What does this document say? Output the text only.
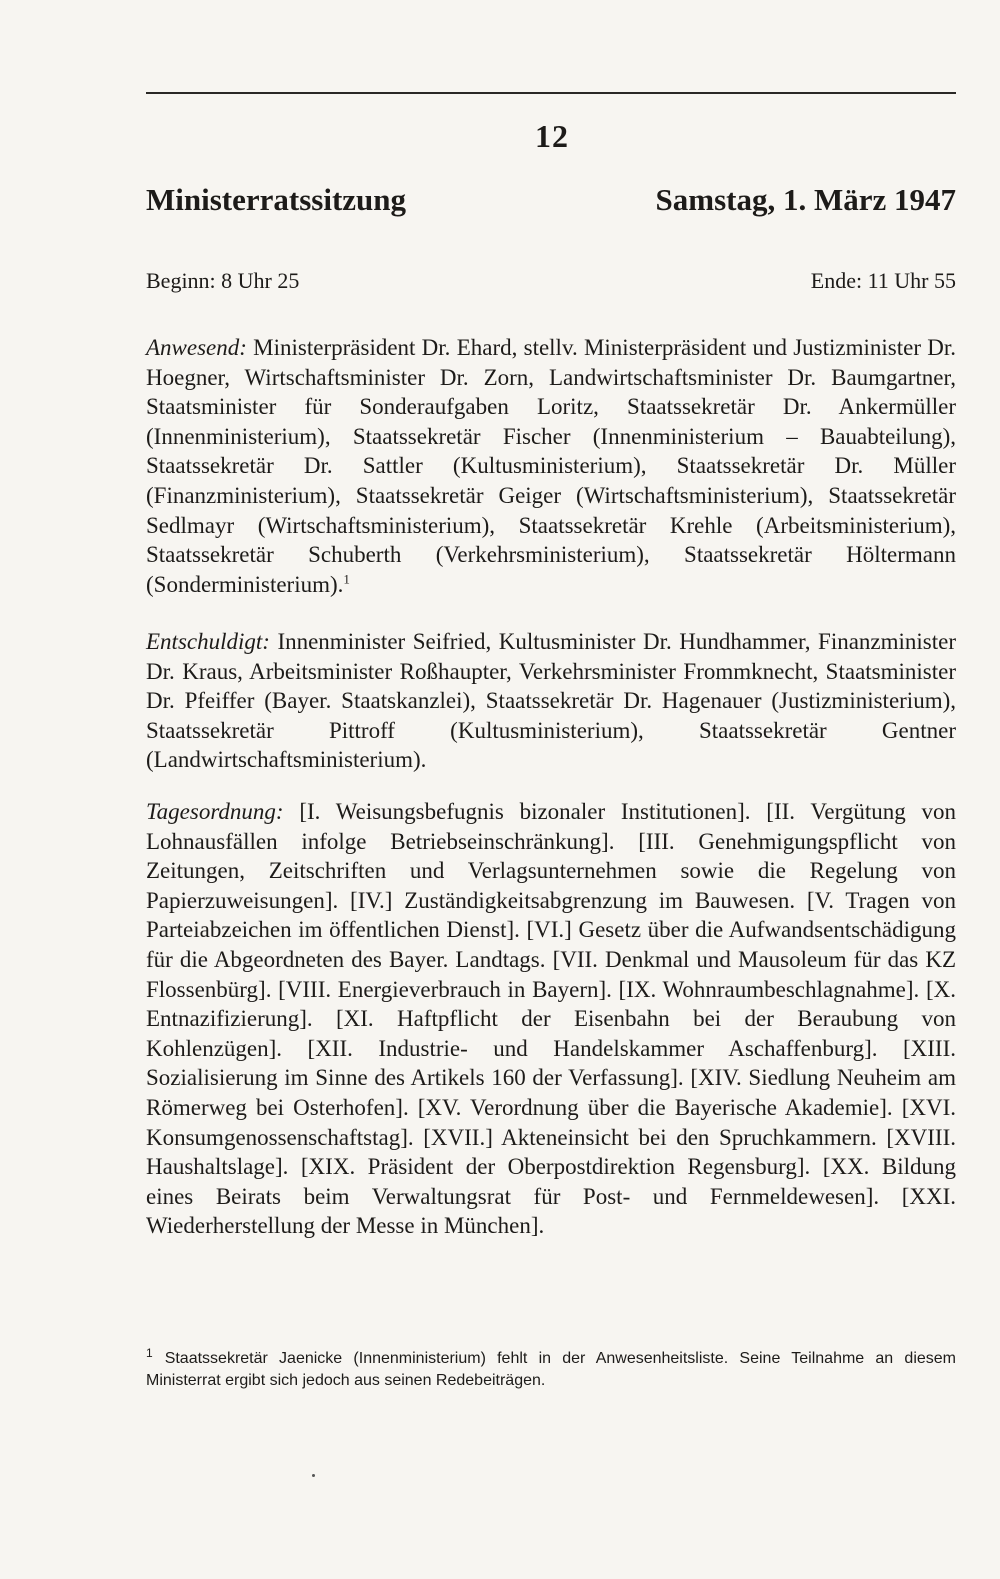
12
Ministerratssitzung	Samstag, 1. März 1947
Beginn: 8 Uhr 25	Ende: 11 Uhr 55

Anwesend: Ministerpräsident Dr. Ehard, stellv. Ministerpräsident und Justizminister Dr. Hoegner, Wirtschaftsminister Dr. Zorn, Landwirtschaftsminister Dr. Baumgartner, Staatsminister für Sonderaufgaben Loritz, Staatssekretär Dr. Ankermüller (Innenministerium), Staatssekretär Fischer (Innenministerium – Bauabteilung), Staatssekretär Dr. Sattler (Kultusministerium), Staatssekretär Dr. Müller (Finanzministerium), Staatssekretär Geiger (Wirtschaftsministerium), Staatssekretär Sedlmayr (Wirtschaftsministerium), Staatssekretär Krehle (Arbeitsministerium), Staatssekretär Schuberth (Verkehrsministerium), Staatssekretär Höltermann (Sonderministerium).$^1$

Entschuldigt: Innenminister Seifried, Kultusminister Dr. Hundhammer, Finanzminister Dr. Kraus, Arbeitsminister Roßhaupter, Verkehrsminister Frommknecht, Staatsminister Dr. Pfeiffer (Bayer. Staatskanzlei), Staatssekretär Dr. Hagenauer (Justizministerium), Staatssekretär Pittroff (Kultusministerium), Staatssekretär Gentner (Landwirtschaftsministerium).

Tagesordnung: [I. Weisungsbefugnis bizonaler Institutionen]. [II. Vergütung von Lohnausfällen infolge Betriebseinschränkung]. [III. Genehmigungspflicht von Zeitungen, Zeitschriften und Verlagsunternehmen sowie die Regelung von Papierzuweisungen]. [IV.] Zuständigkeitsabgrenzung im Bauwesen. [V. Tragen von Parteiabzeichen im öffentlichen Dienst]. [VI.] Gesetz über die Aufwandsentschädigung für die Abgeordneten des Bayer. Landtags. [VII. Denkmal und Mausoleum für das KZ Flossenbürg]. [VIII. Energieverbrauch in Bayern]. [IX. Wohnraumbeschlagnahme]. [X. Entnazifizierung]. [XI. Haftpflicht der Eisenbahn bei der Beraubung von Kohlenzügen]. [XII. Industrie- und Handelskammer Aschaffenburg]. [XIII. Sozialisierung im Sinne des Artikels 160 der Verfassung]. [XIV. Siedlung Neuheim am Römerweg bei Osterhofen]. [XV. Verordnung über die Bayerische Akademie]. [XVI. Konsumgenossenschaftstag]. [XVII.] Akteneinsicht bei den Spruchkammern. [XVIII. Haushaltslage]. [XIX. Präsident der Oberpostdirektion Regensburg]. [XX. Bildung eines Beirats beim Verwaltungsrat für Post- und Fernmeldewesen]. [XXI. Wiederherstellung der Messe in München].

$^1$ Staatssekretär Jaenicke (Innenministerium) fehlt in der Anwesenheitsliste. Seine Teilnahme an diesem Ministerrat ergibt sich jedoch aus seinen Redebeiträgen.
